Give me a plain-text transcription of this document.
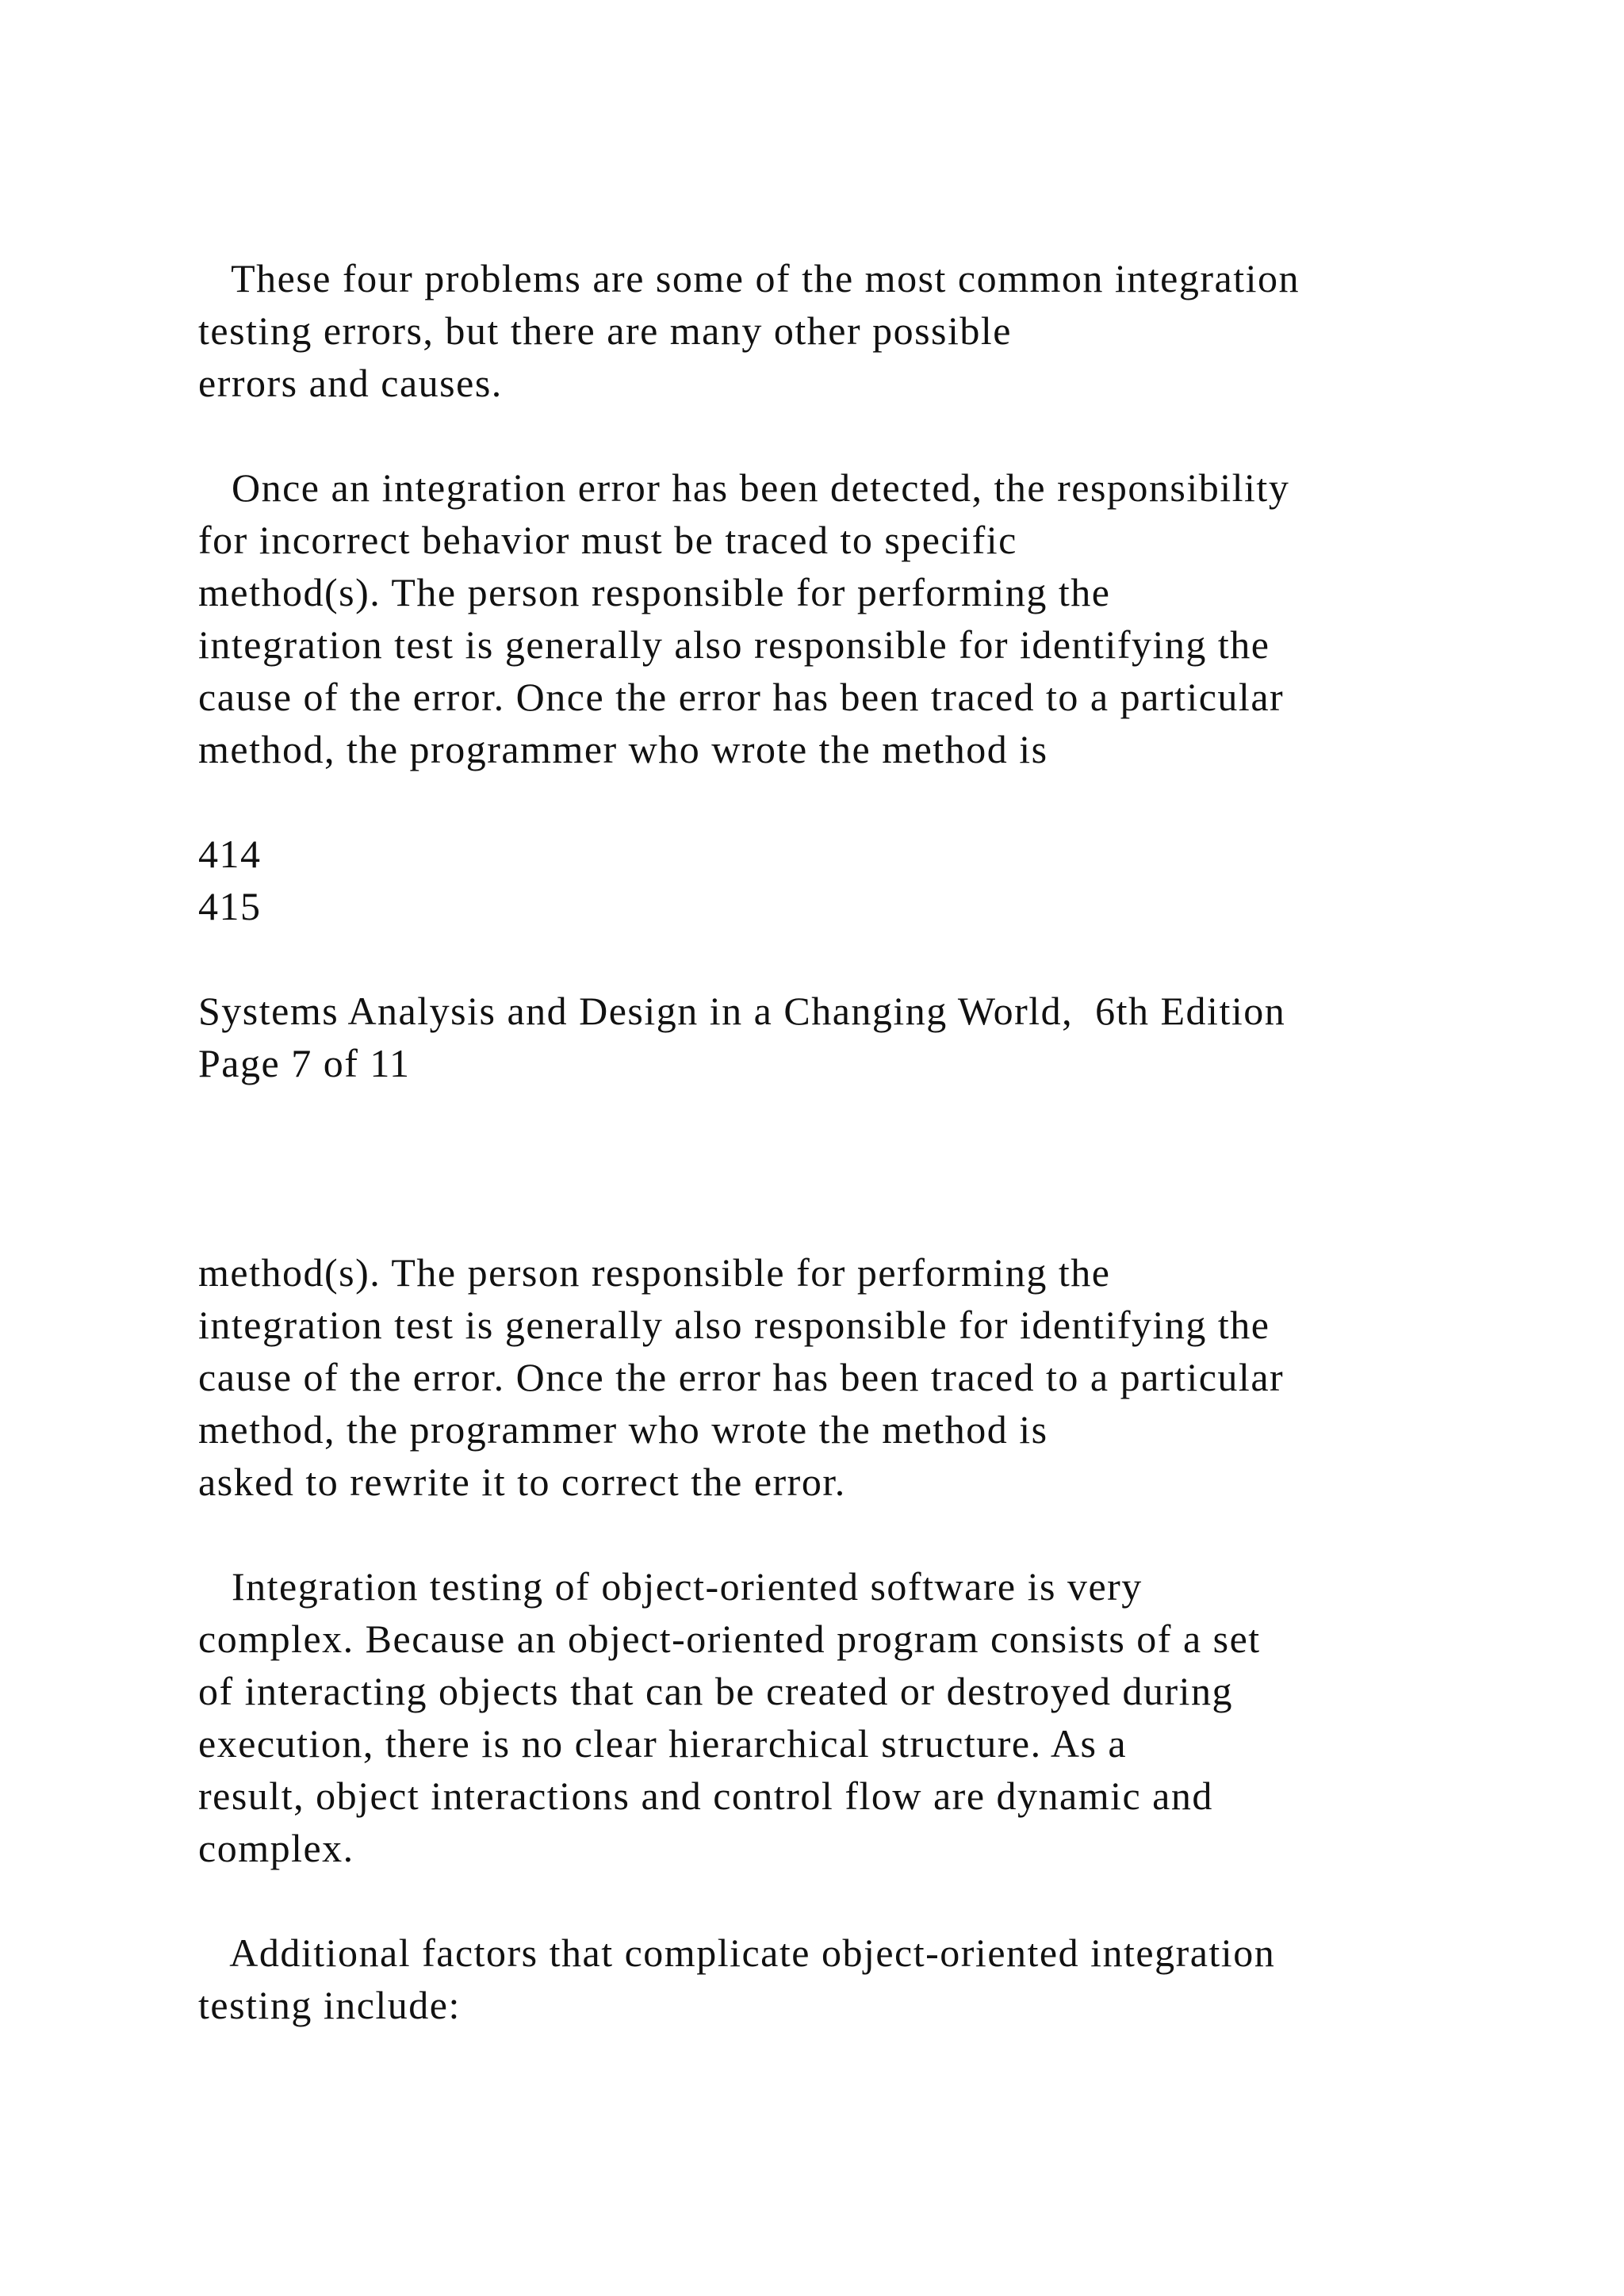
These four problems are some of the most common integration
testing errors, but there are many other possible
errors and causes.
Once an integration error has been detected, the responsibility
for incorrect behavior must be traced to specific
method(s). The person responsible for performing the
integration test is generally also responsible for identifying the
cause of the error. Once the error has been traced to a particular
method, the programmer who wrote the method is
414
415
Systems Analysis and Design in a Changing World,  6th Edition
Page 7 of 11
method(s). The person responsible for performing the
integration test is generally also responsible for identifying the
cause of the error. Once the error has been traced to a particular
method, the programmer who wrote the method is
asked to rewrite it to correct the error.
Integration testing of object-oriented software is very
complex. Because an object-oriented program consists of a set
of interacting objects that can be created or destroyed during
execution, there is no clear hierarchical structure. As a
result, object interactions and control flow are dynamic and
complex.
Additional factors that complicate object-oriented integration
testing include:
